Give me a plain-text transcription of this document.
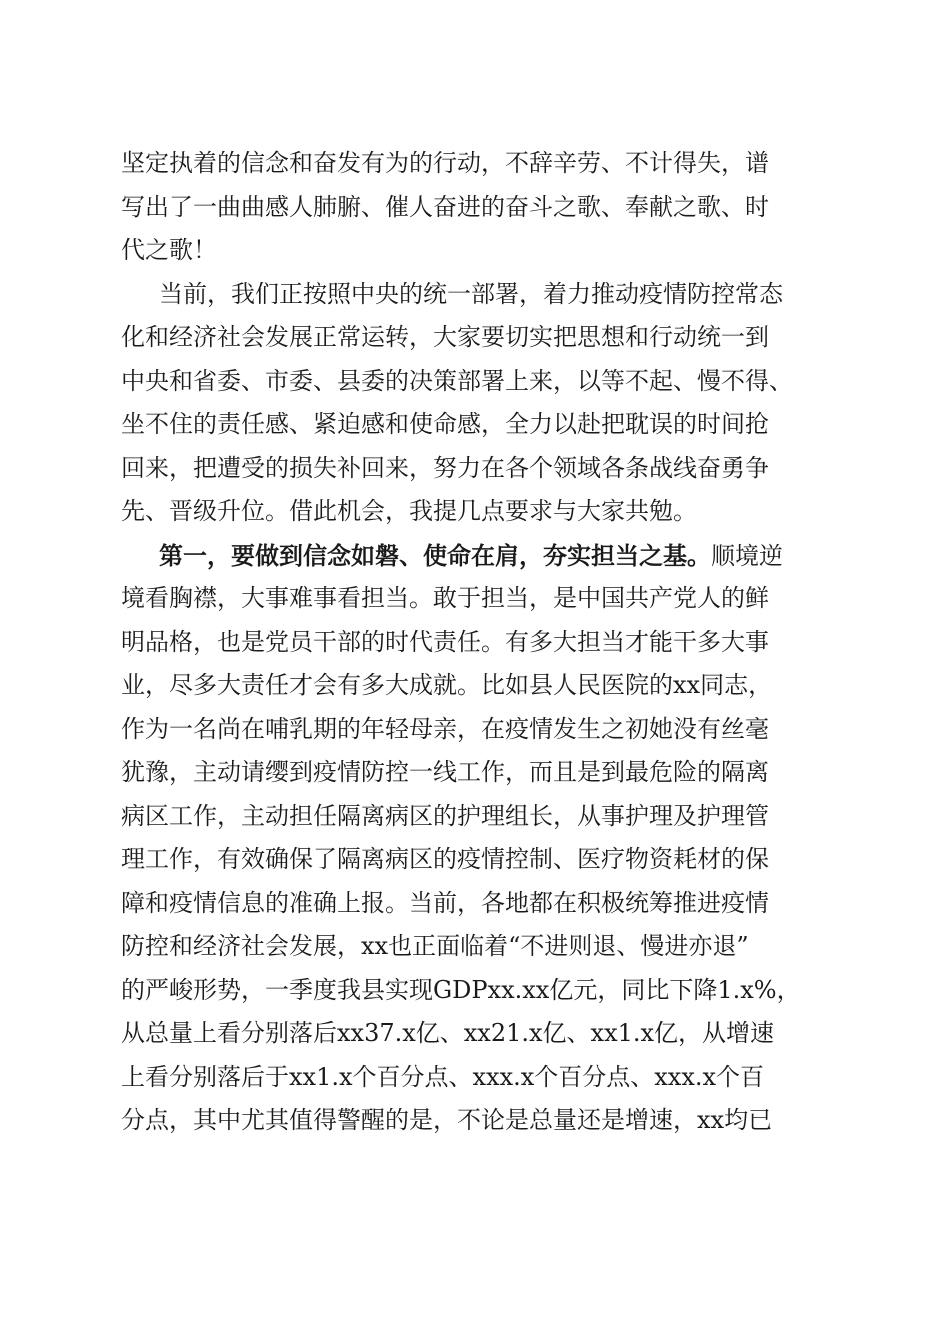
坚定执着的信念和奋发有为的行动，不辞辛劳、不计得失，谱
写出了一曲曲感人肺腑、催人奋进的奋斗之歌、奉献之歌、时
代之歌！
当前，我们正按照中央的统一部署，着力推动疫情防控常态
化和经济社会发展正常运转，大家要切实把思想和行动统一到
中央和省委、市委、县委的决策部署上来，以等不起、慢不得、
坐不住的责任感、紧迫感和使命感，全力以赴把耽误的时间抢
回来，把遭受的损失补回来，努力在各个领域各条战线奋勇争
先、晋级升位。借此机会，我提几点要求与大家共勉。
第一，要做到信念如磐、使命在肩，夯实担当之基。顺境逆
境看胸襟，大事难事看担当。敢于担当，是中国共产党人的鲜
明品格，也是党员干部的时代责任。有多大担当才能干多大事
业，尽多大责任才会有多大成就。比如县人民医院的xx同志，
作为一名尚在哺乳期的年轻母亲，在疫情发生之初她没有丝毫
犹豫，主动请缨到疫情防控一线工作，而且是到最危险的隔离
病区工作，主动担任隔离病区的护理组长，从事护理及护理管
理工作，有效确保了隔离病区的疫情控制、医疗物资耗材的保
障和疫情信息的准确上报。当前，各地都在积极统筹推进疫情
防控和经济社会发展，xx也正面临着“不进则退、慢进亦退”
的严峻形势，一季度我县实现GDPxx.xx亿元，同比下降1.x%，
从总量上看分别落后xx37.x亿、xx21.x亿、xx1.x亿，从增速
上看分别落后于xx1.x个百分点、xxx.x个百分点、xxx.x个百
分点，其中尤其值得警醒的是，不论是总量还是增速，xx均已
